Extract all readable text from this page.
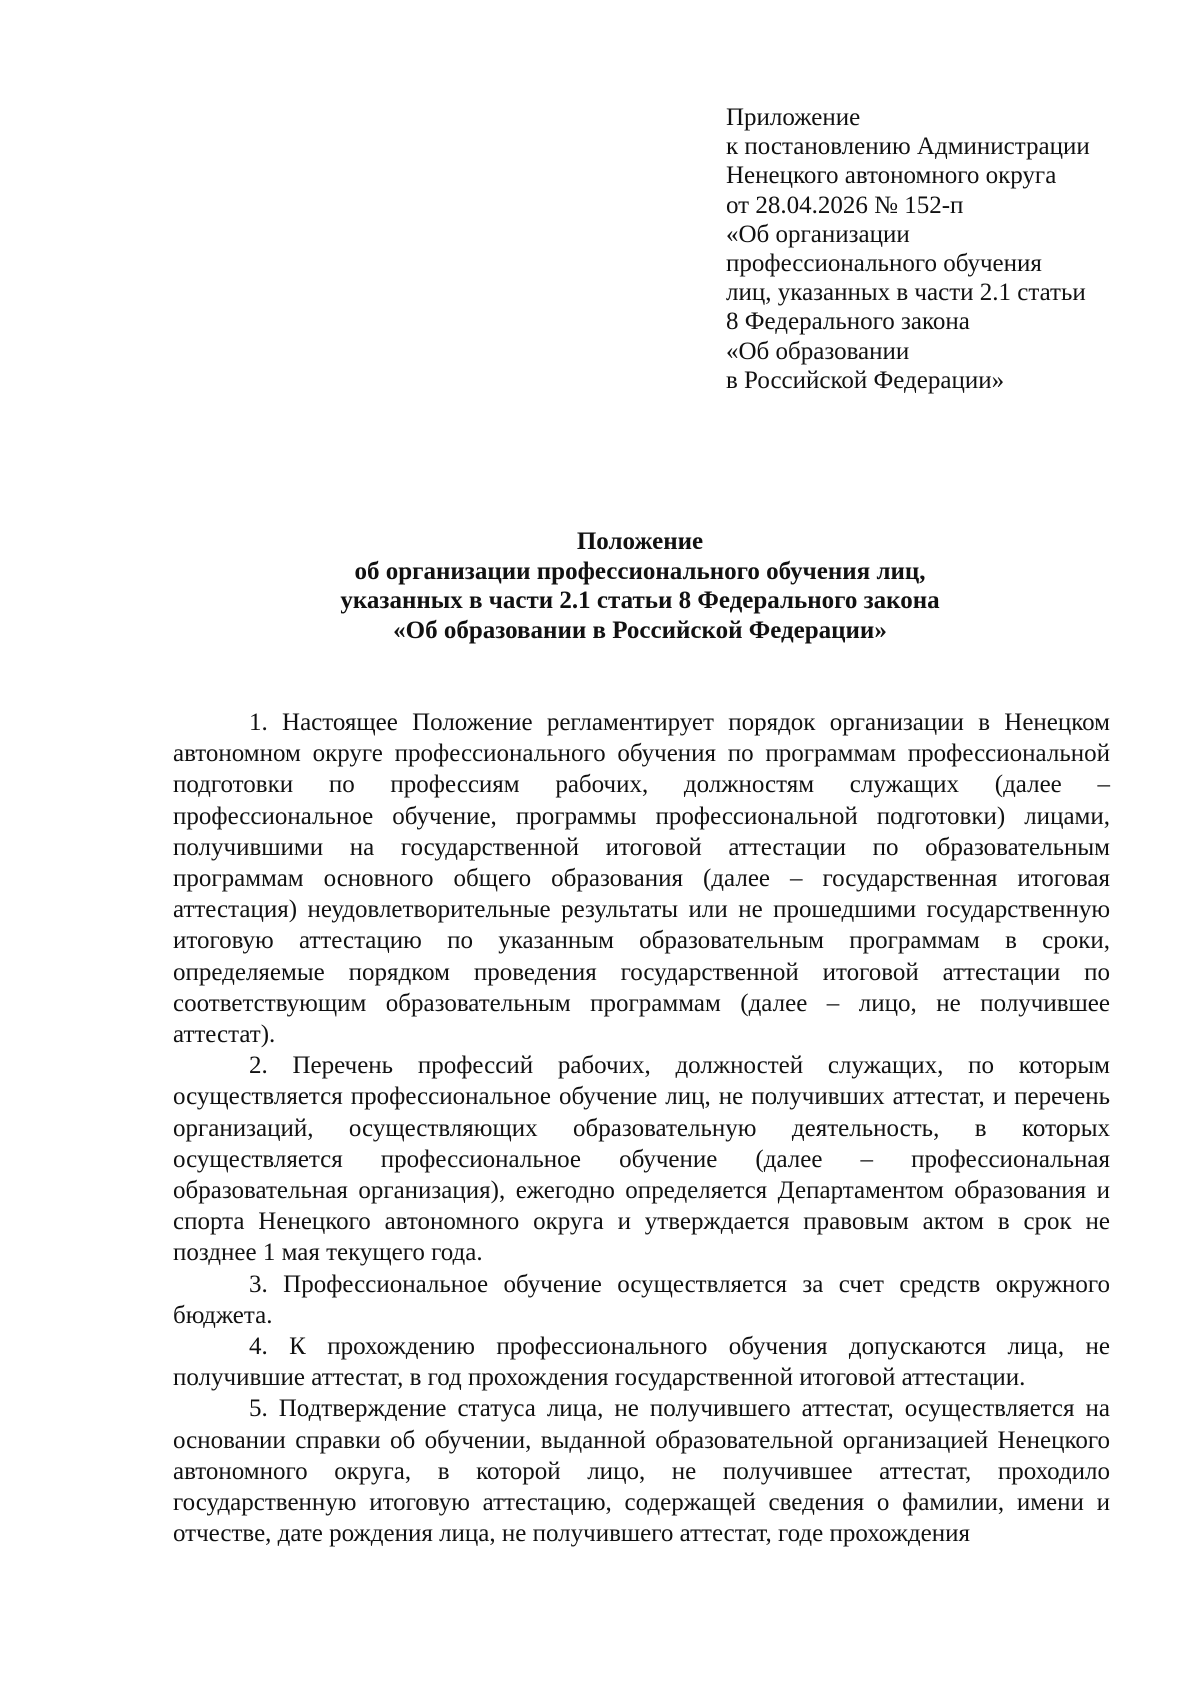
Приложение
к постановлению Администрации
Ненецкого автономного округа
от 28.04.2026 № 152-п
«Об организации
профессионального обучения
лиц, указанных в части 2.1 статьи
8 Федерального закона
«Об образовании
в Российской Федерации»
Положение
об организации профессионального обучения лиц,
указанных в части 2.1 статьи 8 Федерального закона
«Об образовании в Российской Федерации»

1. Настоящее Положение регламентирует порядок организации в Ненецком автономном округе профессионального обучения по программам профессиональной подготовки по профессиям рабочих, должностям служащих (далее – профессиональное обучение, программы профессиональной подготовки) лицами, получившими на государственной итоговой аттестации по образовательным программам основного общего образования (далее – государственная итоговая аттестация) неудовлетворительные результаты или не прошедшими государственную итоговую аттестацию по указанным образовательным программам в сроки, определяемые порядком проведения государственной итоговой аттестации по соответствующим образовательным программам (далее – лицо, не получившее аттестат).

2. Перечень профессий рабочих, должностей служащих, по которым осуществляется профессиональное обучение лиц, не получивших аттестат, и перечень организаций, осуществляющих образовательную деятельность, в которых осуществляется профессиональное обучение (далее – профессиональная образовательная организация), ежегодно определяется Департаментом образования и спорта Ненецкого автономного округа и утверждается правовым актом в срок не позднее 1 мая текущего года.

3. Профессиональное обучение осуществляется за счет средств окружного бюджета.

4. К прохождению профессионального обучения допускаются лица, не получившие аттестат, в год прохождения государственной итоговой аттестации.

5. Подтверждение статуса лица, не получившего аттестат, осуществляется на основании справки об обучении, выданной образовательной организацией Ненецкого автономного округа, в которой лицо, не получившее аттестат, проходило государственную итоговую аттестацию, содержащей сведения о фамилии, имени и отчестве, дате рождения лица, не получившего аттестат, годе прохождения
